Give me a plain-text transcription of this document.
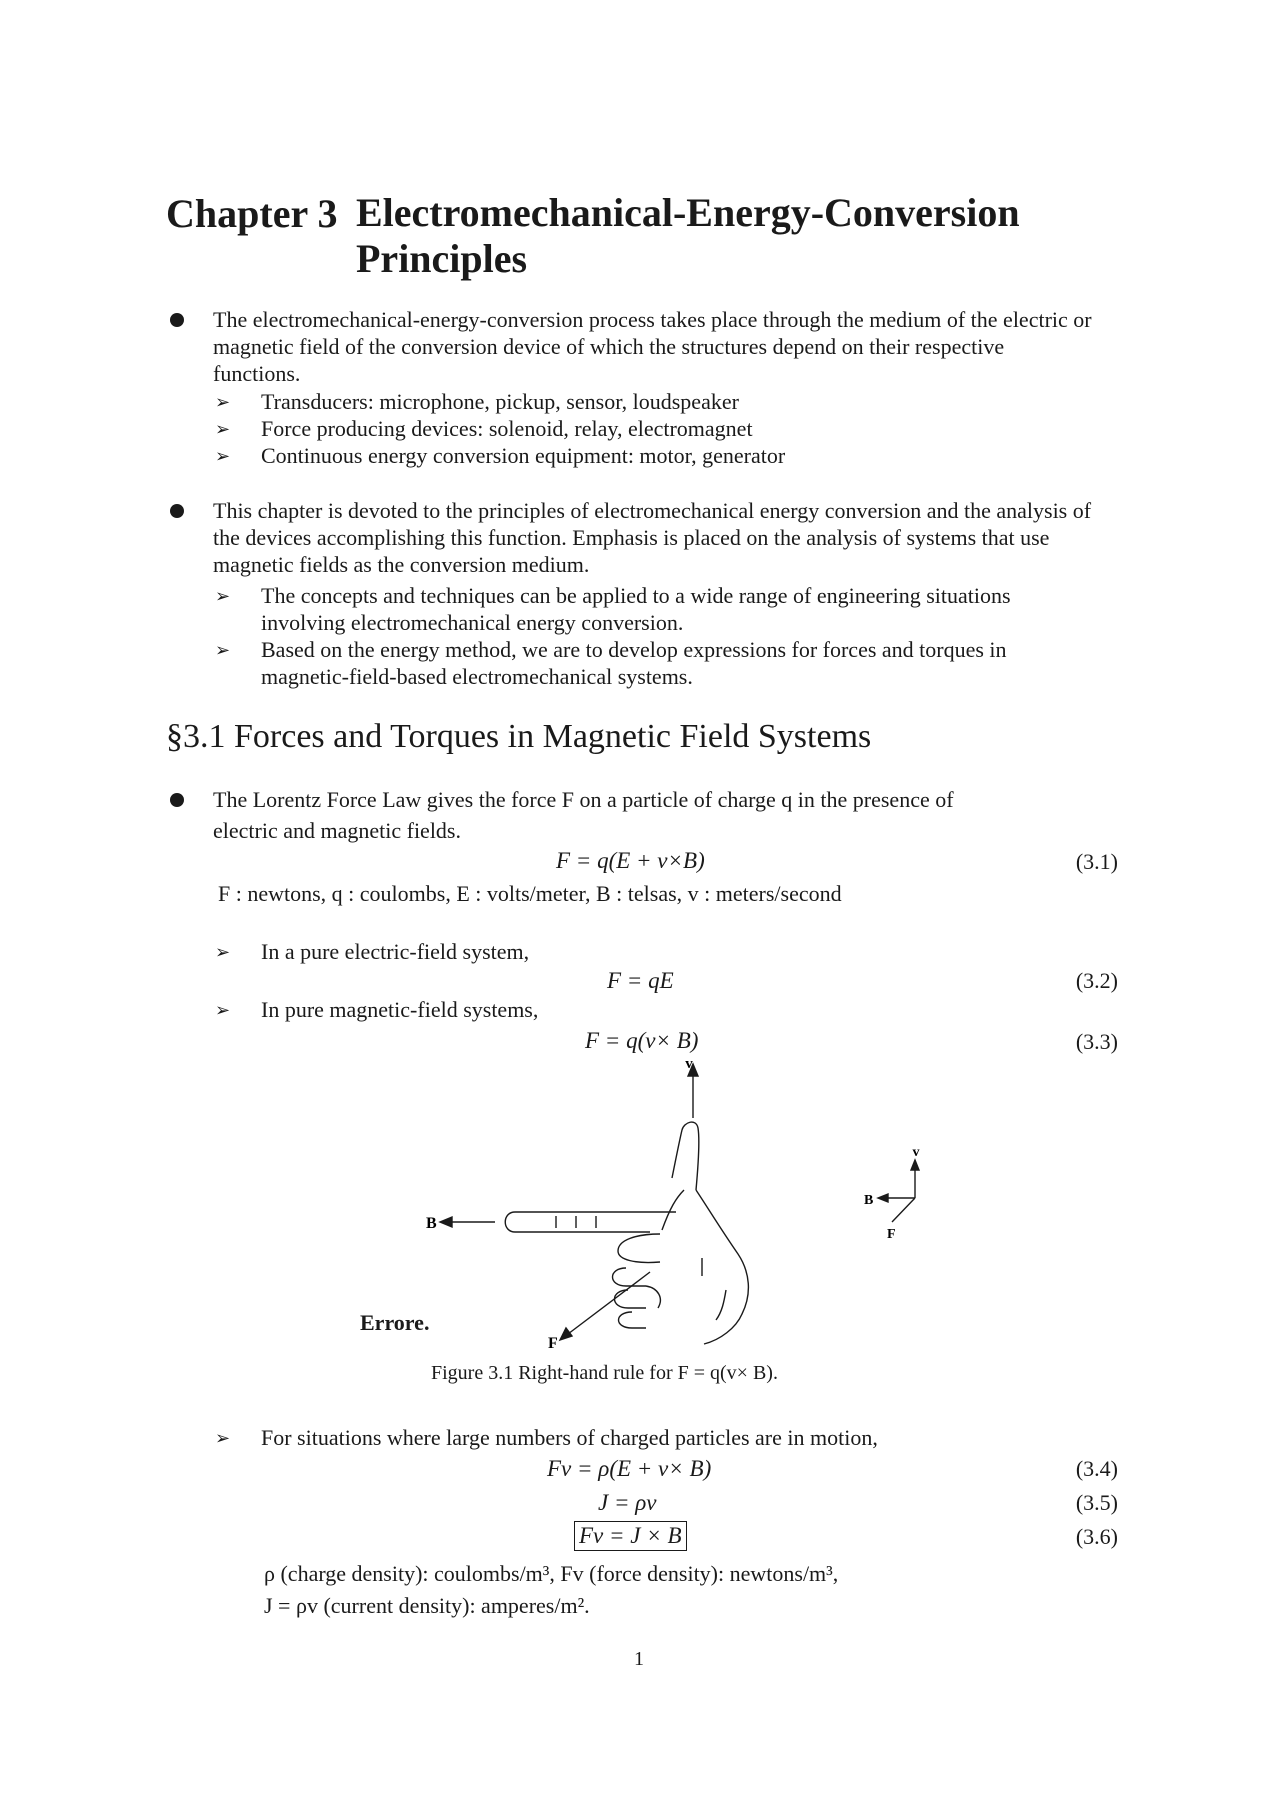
Chapter 3 Electromechanical-Energy-Conversion Principles
The electromechanical-energy-conversion process takes place through the medium of the electric or magnetic field of the conversion device of which the structures depend on their respective functions.
➢ Transducers: microphone, pickup, sensor, loudspeaker
➢ Force producing devices: solenoid, relay, electromagnet
➢ Continuous energy conversion equipment: motor, generator
This chapter is devoted to the principles of electromechanical energy conversion and the analysis of the devices accomplishing this function. Emphasis is placed on the analysis of systems that use magnetic fields as the conversion medium.
➢ The concepts and techniques can be applied to a wide range of engineering situations involving electromechanical energy conversion.
➢ Based on the energy method, we are to develop expressions for forces and torques in magnetic-field-based electromechanical systems.
§3.1 Forces and Torques in Magnetic Field Systems
The Lorentz Force Law gives the force F on a particle of charge q in the presence of
electric and magnetic fields.
F = q(E + v×B)	(3.1)
F : newtons, q : coulombs, E : volts/meter, B : telsas, v : meters/second
➢ In a pure electric-field system,
F = qE	(3.2)
➢ In pure magnetic-field systems,
F = q(v× B)	(3.3)
v
B
F
v
B
F
Errore.
Figure 3.1 Right-hand rule for F = q(v× B).
➢ For situations where large numbers of charged particles are in motion,
Fv = ρ(E + v× B)	(3.4)
J = ρv	(3.5)
Fv = J × B	(3.6)
ρ (charge density): coulombs/m³, Fv (force density): newtons/m³,
J = ρv (current density): amperes/m².
1
